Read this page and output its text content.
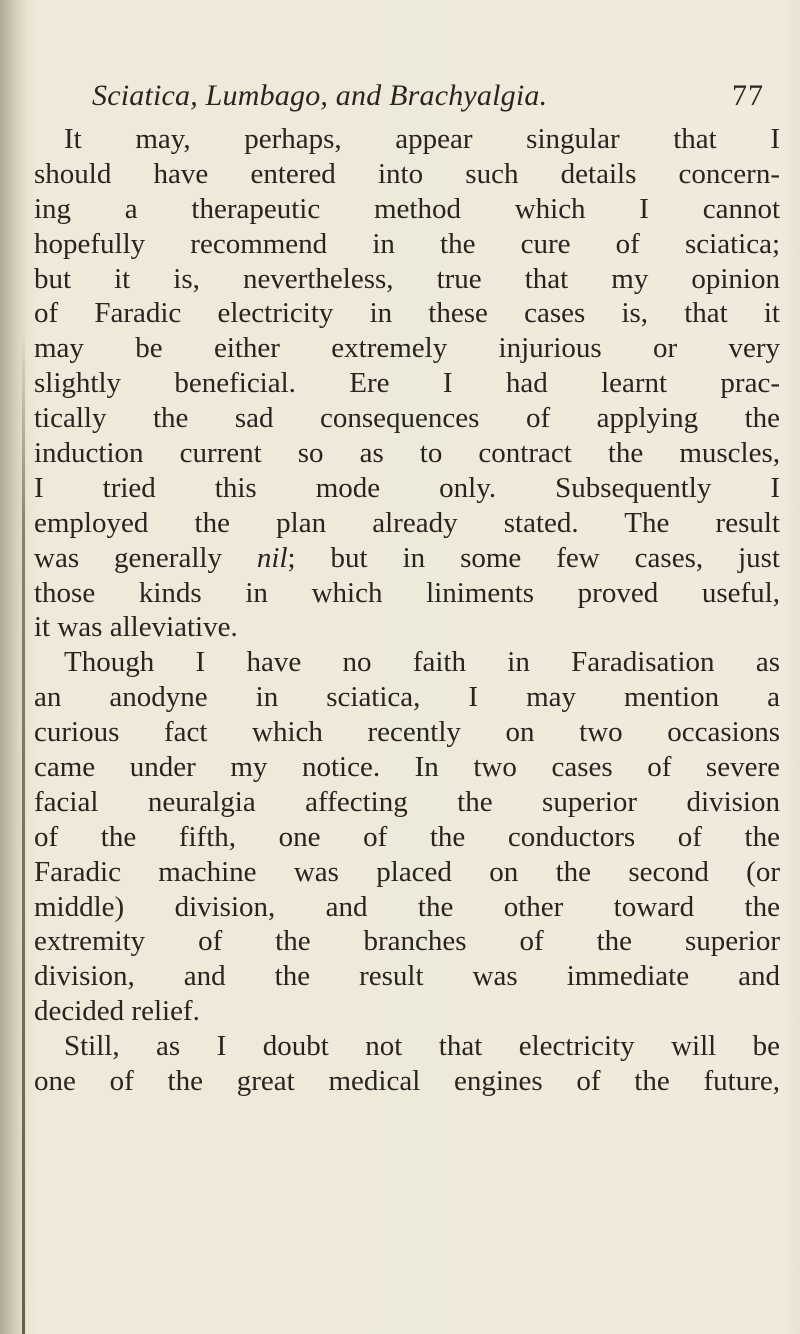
Sciatica, Lumbago, and Brachyalgia.	77
It may, perhaps, appear singular that I
should have entered into such details concern-
ing a therapeutic method which I cannot
hopefully recommend in the cure of sciatica;
but it is, nevertheless, true that my opinion
of Faradic electricity in these cases is, that it
may be either extremely injurious or very
slightly beneficial. Ere I had learnt prac-
tically the sad consequences of applying the
induction current so as to contract the muscles,
I tried this mode only. Subsequently I
employed the plan already stated. The result
was generally nil; but in some few cases, just
those kinds in which liniments proved useful,
it was alleviative.
Though I have no faith in Faradisation as
an anodyne in sciatica, I may mention a
curious fact which recently on two occasions
came under my notice. In two cases of severe
facial neuralgia affecting the superior division
of the fifth, one of the conductors of the
Faradic machine was placed on the second (or
middle) division, and the other toward the
extremity of the branches of the superior
division, and the result was immediate and
decided relief.
Still, as I doubt not that electricity will be
one of the great medical engines of the future,
